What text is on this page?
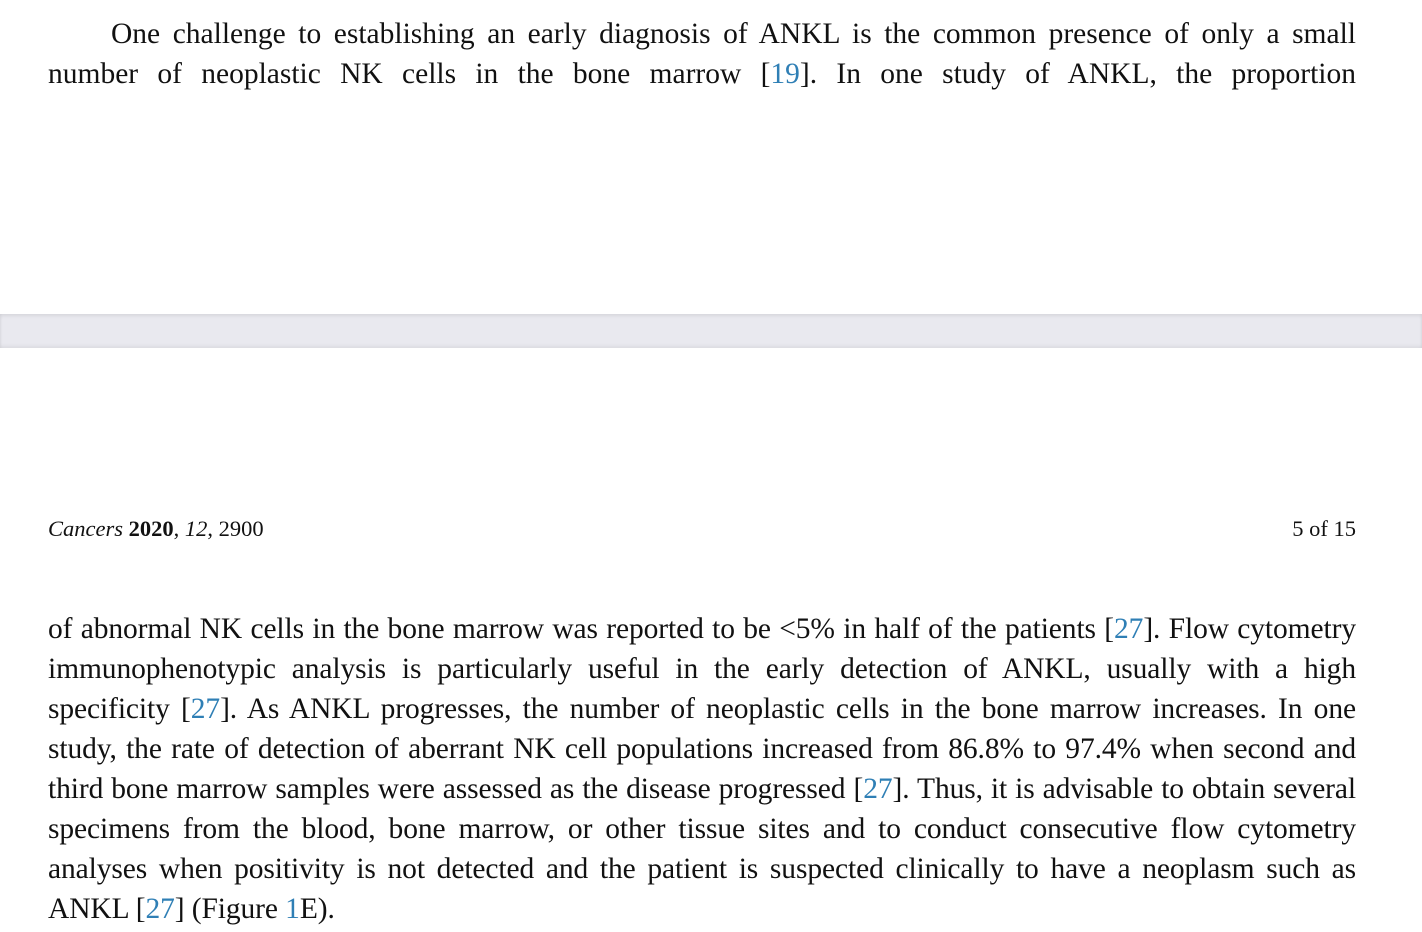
One challenge to establishing an early diagnosis of ANKL is the common presence of only a small number of neoplastic NK cells in the bone marrow [19]. In one study of ANKL, the proportion

Cancers 2020, 12, 2900	5 of 15

of abnormal NK cells in the bone marrow was reported to be <5% in half of the patients [27]. Flow cytometry immunophenotypic analysis is particularly useful in the early detection of ANKL, usually with a high specificity [27]. As ANKL progresses, the number of neoplastic cells in the bone marrow increases. In one study, the rate of detection of aberrant NK cell populations increased from 86.8% to 97.4% when second and third bone marrow samples were assessed as the disease progressed [27]. Thus, it is advisable to obtain several specimens from the blood, bone marrow, or other tissue sites and to conduct consecutive flow cytometry analyses when positivity is not detected and the patient is suspected clinically to have a neoplasm such as ANKL [27] (Figure 1E).
